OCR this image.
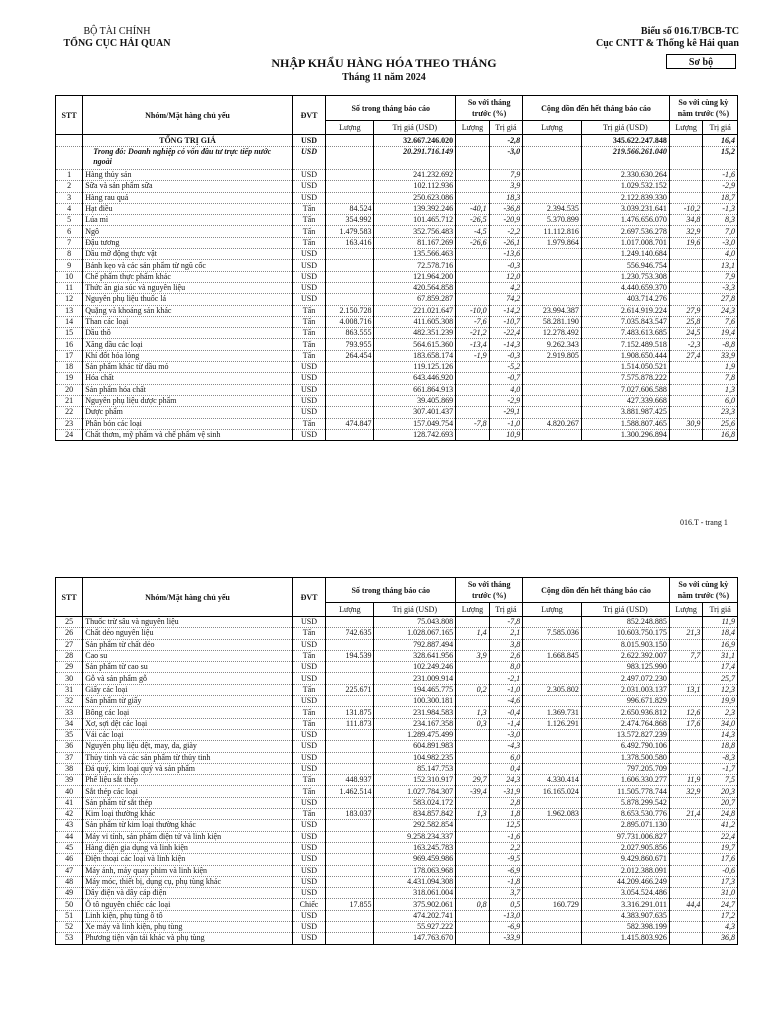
BỘ TÀI CHÍNH
TỔNG CỤC HẢI QUAN
Biểu số 016.T/BCB-TC
Cục CNTT & Thống kê Hải quan
NHẬP KHẨU HÀNG HÓA THEO THÁNG
Tháng 11 năm 2024
Sơ bộ
STT	Nhóm/Mặt hàng chủ yếu	ĐVT	Số trong tháng báo cáo		So với tháng trước (%)		Cộng dồn đến hết tháng báo cáo		So với cùng kỳ năm trước (%)	
			Lượng	Trị giá (USD)	Lượng	Trị giá	Lượng	Trị giá (USD)	Lượng	Trị giá
	TỔNG TRỊ GIÁ	USD		32.667.246.020		-2,8		345.622.247.848		16,4
	Trong đó: Doanh nghiệp có vốn đầu tư trực tiếp nước ngoài	USD		20.291.716.149		-3,0		219.566.261.040		15,2
1	Hàng thủy sản	USD		241.232.692		7,9		2.330.630.264		-1,6
2	Sữa và sản phẩm sữa	USD		102.112.936		3,9		1.029.532.152		-2,9
3	Hàng rau quả	USD		250.623.086		18,3		2.122.839.330		18,7
4	Hạt điều	Tấn	84.524	139.392.246	-40,1	-36,8	2.394.535	3.039.231.641	-10,2	-1,3
5	Lúa mì	Tấn	354.992	101.465.712	-26,5	-20,9	5.370.899	1.476.656.070	34,8	8,3
6	Ngô	Tấn	1.479.583	352.756.483	-4,5	-2,2	11.112.816	2.697.536.278	32,9	7,0
7	Đậu tương	Tấn	163.416	81.167.269	-26,6	-26,1	1.979.864	1.017.008.701	19,6	-3,0
8	Dầu mỡ động thực vật	USD		135.566.463		-13,6		1.249.140.684		4,0
9	Bánh kẹo và các sản phẩm từ ngũ cốc	USD		72.578.716		-0,3		556.946.754		13,1
10	Chế phẩm thực phẩm khác	USD		121.964.200		12,0		1.230.753.308		7,9
11	Thức ăn gia súc và nguyên liệu	USD		420.564.858		4,2		4.440.659.370		-3,3
12	Nguyên phụ liệu thuốc lá	USD		67.859.287		74,2		403.714.276		27,8
13	Quặng và khoáng sản khác	Tấn	2.150.728	221.021.647	-10,0	-14,2	23.994.387	2.614.919.224	27,9	24,3
14	Than các loại	Tấn	4.008.716	411.605.308	-7,6	-10,7	58.281.190	7.035.843.547	25,8	7,6
15	Dầu thô	Tấn	863.555	482.351.239	-21,2	-22,4	12.278.492	7.483.613.685	24,5	19,4
16	Xăng dầu các loại	Tấn	793.955	564.615.360	-13,4	-14,3	9.262.343	7.152.489.518	-2,3	-8,8
17	Khí đốt hóa lỏng	Tấn	264.454	183.658.174	-1,9	-0,3	2.919.805	1.908.650.444	27,4	33,9
18	Sản phẩm khác từ dầu mỏ	USD		119.125.126		-5,2		1.514.050.521		1,9
19	Hóa chất	USD		643.446.920		-0,7		7.575.878.222		7,8
20	Sản phẩm hóa chất	USD		661.864.913		4,0		7.027.606.588		1,3
21	Nguyên phụ liệu dược phẩm	USD		39.405.869		-2,9		427.339.668		6,0
22	Dược phẩm	USD		307.401.437		-29,1		3.881.987.425		23,3
23	Phân bón các loại	Tấn	474.847	157.049.754	-7,8	-1,0	4.820.267	1.588.807.465	30,9	25,6
24	Chất thơm, mỹ phẩm và chế phẩm vệ sinh	USD		128.742.693		10,9		1.300.296.894		16,8
016.T - trang 1
STT	Nhóm/Mặt hàng chủ yếu	ĐVT	Số trong tháng báo cáo		So với tháng trước (%)		Cộng dồn đến hết tháng báo cáo		So với cùng kỳ năm trước (%)	
			Lượng	Trị giá (USD)	Lượng	Trị giá	Lượng	Trị giá (USD)	Lượng	Trị giá
25	Thuốc trừ sâu và nguyên liệu	USD		75.043.808		-7,8		852.248.885		11,9
26	Chất dẻo nguyên liệu	Tấn	742.635	1.028.067.165	1,4	2,1	7.585.036	10.603.750.175	21,3	18,4
27	Sản phẩm từ chất dẻo	USD		792.887.494		3,8		8.015.903.150		16,9
28	Cao su	Tấn	194.539	328.641.956	3,9	2,6	1.668.845	2.622.392.007	7,7	31,1
29	Sản phẩm từ cao su	USD		102.249.246		8,0		983.125.990		17,4
30	Gỗ và sản phẩm gỗ	USD		231.009.914		-2,1		2.497.072.230		25,7
31	Giấy các loại	Tấn	225.671	194.465.775	0,2	-1,0	2.305.802	2.031.003.137	13,1	12,3
32	Sản phẩm từ giấy	USD		100.300.181		-4,6		996.671.829		19,9
33	Bông các loại	Tấn	131.875	231.984.583	1,3	-0,4	1.369.731	2.650.936.812	12,6	2,3
34	Xơ, sợi dệt các loại	Tấn	111.873	234.167.358	0,3	-1,4	1.126.291	2.474.764.868	17,6	34,0
35	Vải các loại	USD		1.289.475.499		-3,0		13.572.827.239		14,3
36	Nguyên phụ liệu dệt, may, da, giày	USD		604.891.983		-4,3		6.492.790.106		18,8
37	Thủy tinh và các sản phẩm từ thủy tinh	USD		104.982.235		6,0		1.378.500.580		-8,3
38	Đá quý, kim loại quý và sản phẩm	USD		85.147.753		0,4		797.205.709		-1,7
39	Phế liệu sắt thép	Tấn	448.937	152.310.917	29,7	24,3	4.330.414	1.606.330.277	11,9	7,5
40	Sắt thép các loại	Tấn	1.462.514	1.027.784.307	-39,4	-31,9	16.165.024	11.505.778.744	32,9	20,3
41	Sản phẩm từ sắt thép	USD		583.024.172		2,8		5.878.299.542		20,7
42	Kim loại thường khác	Tấn	183.037	834.857.842	1,3	1,8	1.962.083	8.653.530.776	21,4	24,8
43	Sản phẩm từ kim loại thường khác	USD		292.582.854		12,5		2.895.071.130		41,2
44	Máy vi tính, sản phẩm điện tử và linh kiện	USD		9.258.234.337		-1,6		97.731.006.827		22,4
45	Hàng điện gia dụng và linh kiện	USD		163.245.783		2,2		2.027.905.856		19,7
46	Điện thoại các loại và linh kiện	USD		969.459.986		-9,5		9.429.860.671		17,6
47	Máy ảnh, máy quay phim và linh kiện	USD		178.063.968		-6,9		2.012.388.091		-0,6
48	Máy móc, thiết bị, dụng cụ, phụ tùng khác	USD		4.431.094.308		-1,8		44.209.466.249		17,3
49	Dây điện và dây cáp điện	USD		318.061.004		3,7		3.054.524.486		31,0
50	Ô tô nguyên chiếc các loại	Chiếc	17.855	375.902.061	0,8	0,5	160.729	3.316.291.011	44,4	24,7
51	Linh kiện, phụ tùng ô tô	USD		474.202.741		-13,0		4.383.907.635		17,2
52	Xe máy và linh kiện, phụ tùng	USD		55.927.222		-6,9		582.398.199		4,3
53	Phương tiện vận tải khác và phụ tùng	USD		147.763.670		-33,9		1.415.803.926		36,8
